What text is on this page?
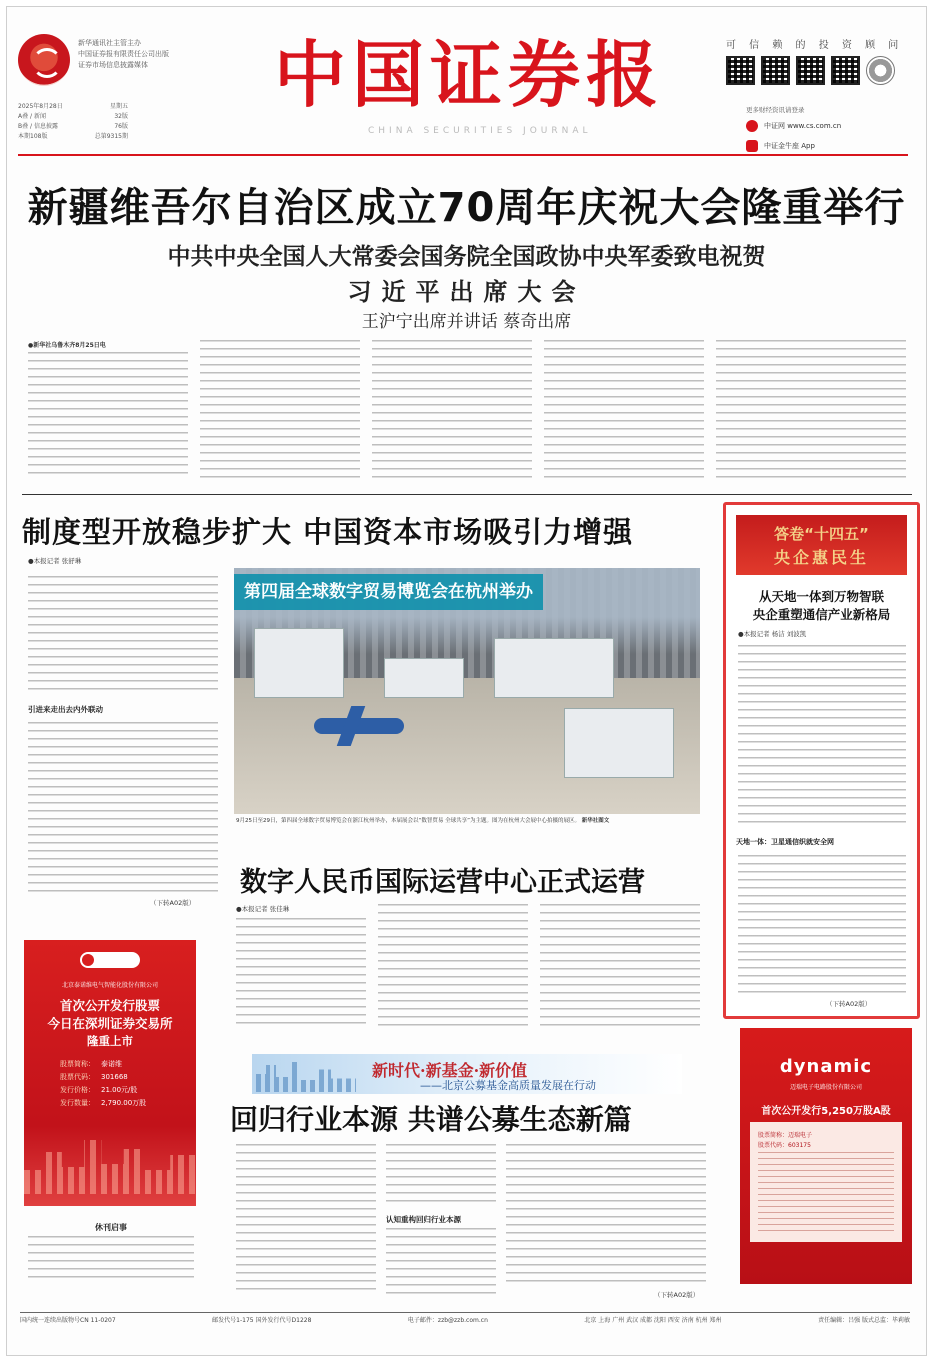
新华通讯社主管主办
中国证券报有限责任公司出版
证券市场信息披露媒体
2025年8月28日	星期五
A叠 / 新闻	32版
B叠 / 信息披露	76版
本期108版	总第9315期
中国证券报
CHINA SECURITIES JOURNAL
可 信 赖 的 投 资 顾 问
更多财经资讯请登录
中证网 www.cs.com.cn
中证金牛座 App
新疆维吾尔自治区成立70周年庆祝大会隆重举行
中共中央全国人大常委会国务院全国政协中央军委致电祝贺
习近平出席大会
王沪宁出席并讲话 蔡奇出席
●新华社乌鲁木齐8月25日电
制度型开放稳步扩大 中国资本市场吸引力增强
●本报记者 张舒琳
引进来走出去内外联动
（下转A02版）
第四届全球数字贸易博览会在杭州举办
9月25日至29日，第四届全球数字贸易博览会在浙江杭州举办，本届展会以“数智贸易 全球共享”为主题。图为在杭州大会展中心拍摄的展区。 新华社图文
数字人民币国际运营中心正式运营
●本报记者 张佳琳
新时代·新基金·新价值
——北京公募基金高质量发展在行动
回归行业本源 共谱公募生态新篇
认知重构回归行业本源
（下转A02版）
答卷“十四五”
央企惠民生
从天地一体到万物智联
央企重塑通信产业新格局
●本报记者 杨洁 刘波凯
天地一体：卫星通信织就安全网
（下转A02版）
北京泰诺维电气智能化股份有限公司
首次公开发行股票
今日在深圳证券交易所
隆重上市
股票简称： 泰诺维
股票代码： 301668
发行价格： 21.00元/股
发行数量： 2,790.00万股
dynamic
迈瑞电子电路股份有限公司
首次公开发行5,250万股A股
股票简称：迈瑞电子
股票代码：603175
休刊启事
国内统一连续出版物号CN 11-0207	邮发代号1-175 国外发行代号D1228	电子邮件：zzb@zzb.com.cn	北京 上海 广州 武汉 成都 沈阳 西安 济南 杭州 郑州	责任编辑：吕强 版式总监：毕莉敏
